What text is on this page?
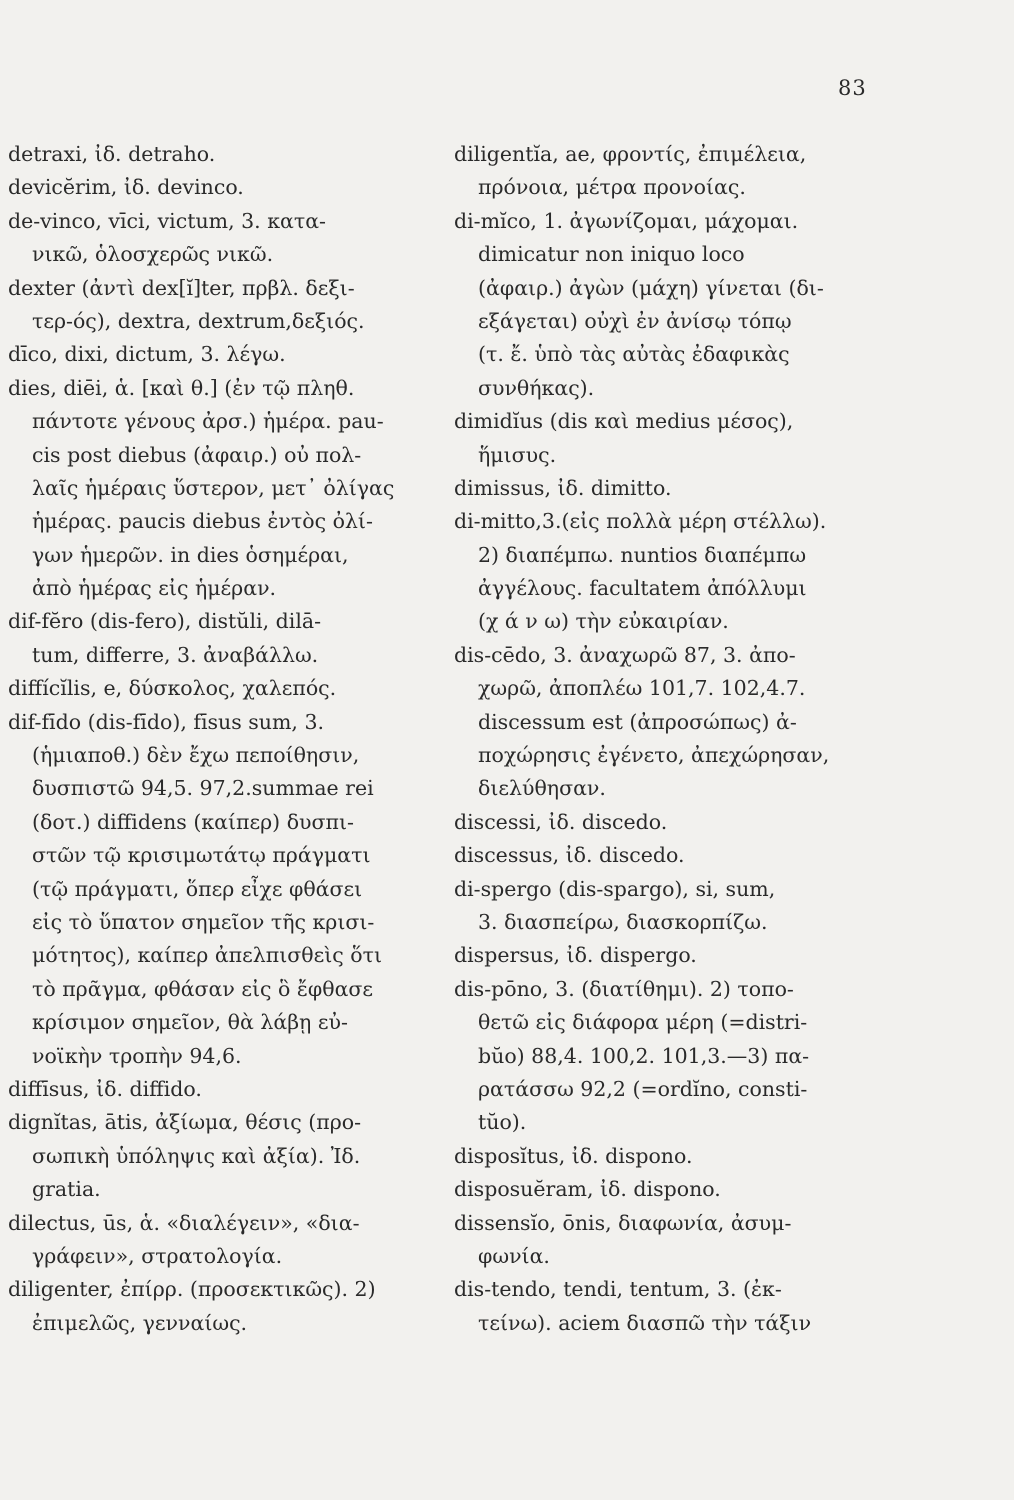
83
detraxi, ἰδ. detraho.
devicĕrim, ἰδ. devinco.
de-vinco, vīci, victum, 3. κατα-
νικῶ, ὁλοσχερῶς νικῶ.
dexter (ἀντὶ dex[ĭ]ter, πρβλ. δεξι-
τερ-ός), dextra, dextrum,δεξιός.
dīco, dixi, dictum, 3. λέγω.
dies, diēi, ἁ. [καὶ θ.] (ἐν τῷ πληθ.
πάντοτε γένους ἀρσ.) ἡμέρα. pau-
cis post diebus (ἀφαιρ.) οὐ πολ-
λαῖς ἡμέραις ὕστερον, μετ᾽ ὀλίγας
ἡμέρας. paucis diebus ἐντὸς ὀλί-
γων ἡμερῶν. in dies ὁσημέραι,
ἀπὸ ἡμέρας εἰς ἡμέραν.
dif-fĕro (dis-fero), distŭli, dilā-
tum, differre, 3. ἀναβάλλω.
diffícĭlis, e, δύσκολος, χαλεπός.
dif-fīdo (dis-fīdo), fīsus sum, 3.
(ἡμιαποθ.) δὲν ἔχω πεποίθησιν,
δυσπιστῶ 94,5. 97,2.summae rei
(δοτ.) diffidens (καίπερ) δυσπι-
στῶν τῷ κρισιμωτάτῳ πράγματι
(τῷ πράγματι, ὅπερ εἶχε φθάσει
εἰς τὸ ὕπατον σημεῖον τῆς κρισι-
μότητος), καίπερ ἀπελπισθεὶς ὅτι
τὸ πρᾶγμα, φθάσαν εἰς ὃ ἔφθασε
κρίσιμον σημεῖον, θὰ λάβῃ εὐ-
νοϊκὴν τροπὴν 94,6.
diffīsus, ἰδ. diffido.
dignĭtas, ātis, ἀξίωμα, θέσις (προ-
σωπικὴ ὑπόληψις καὶ ἀξία). Ἰδ.
gratia.
dilectus, ūs, ἁ. «διαλέγειν», «δια-
γράφειν», στρατολογία.
diligenter, ἐπίρρ. (προσεκτικῶς). 2)
ἐπιμελῶς, γενναίως.
diligentĭa, ae, φροντίς, ἐπιμέλεια,
πρόνοια, μέτρα προνοίας.
di-mĭco, 1. ἀγωνίζομαι, μάχομαι.
dimicatur non iniquo loco
(ἀφαιρ.) ἀγὼν (μάχη) γίνεται (δι-
εξάγεται) οὐχὶ ἐν ἀνίσῳ τόπῳ
(τ. ἔ. ὑπὸ τὰς αὐτὰς ἐδαφικὰς
συνθήκας).
dimidĭus (dis καὶ medius μέσος),
ἥμισυς.
dimissus, ἰδ. dimitto.
di-mitto,3.(εἰς πολλὰ μέρη στέλλω).
2) διαπέμπω. nuntios διαπέμπω
ἀγγέλους. facultatem ἀπόλλυμι
(χ ά ν ω) τὴν εὐκαιρίαν.
dis-cēdo, 3. ἀναχωρῶ 87, 3. ἀπο-
χωρῶ, ἀποπλέω 101,7. 102,4.7.
discessum est (ἀπροσώπως) ἀ-
ποχώρησις ἐγένετο, ἀπεχώρησαν,
διελύθησαν.
discessi, ἰδ. discedo.
discessus, ἰδ. discedo.
di-spergo (dis-spargo), si, sum,
3. διασπείρω, διασκορπίζω.
dispersus, ἰδ. dispergo.
dis-pōno, 3. (διατίθημι). 2) τοπο-
θετῶ εἰς διάφορα μέρη (=distri-
bŭo) 88,4. 100,2. 101,3.—3) πα-
ρατάσσω 92,2 (=ordĭno, consti-
tŭo).
disposĭtus, ἰδ. dispono.
disposuĕram, ἰδ. dispono.
dissensĭo, ōnis, διαφωνία, ἀσυμ-
φωνία.
dis-tendo, tendi, tentum, 3. (ἐκ-
τείνω). aciem διασπῶ τὴν τάξιν
